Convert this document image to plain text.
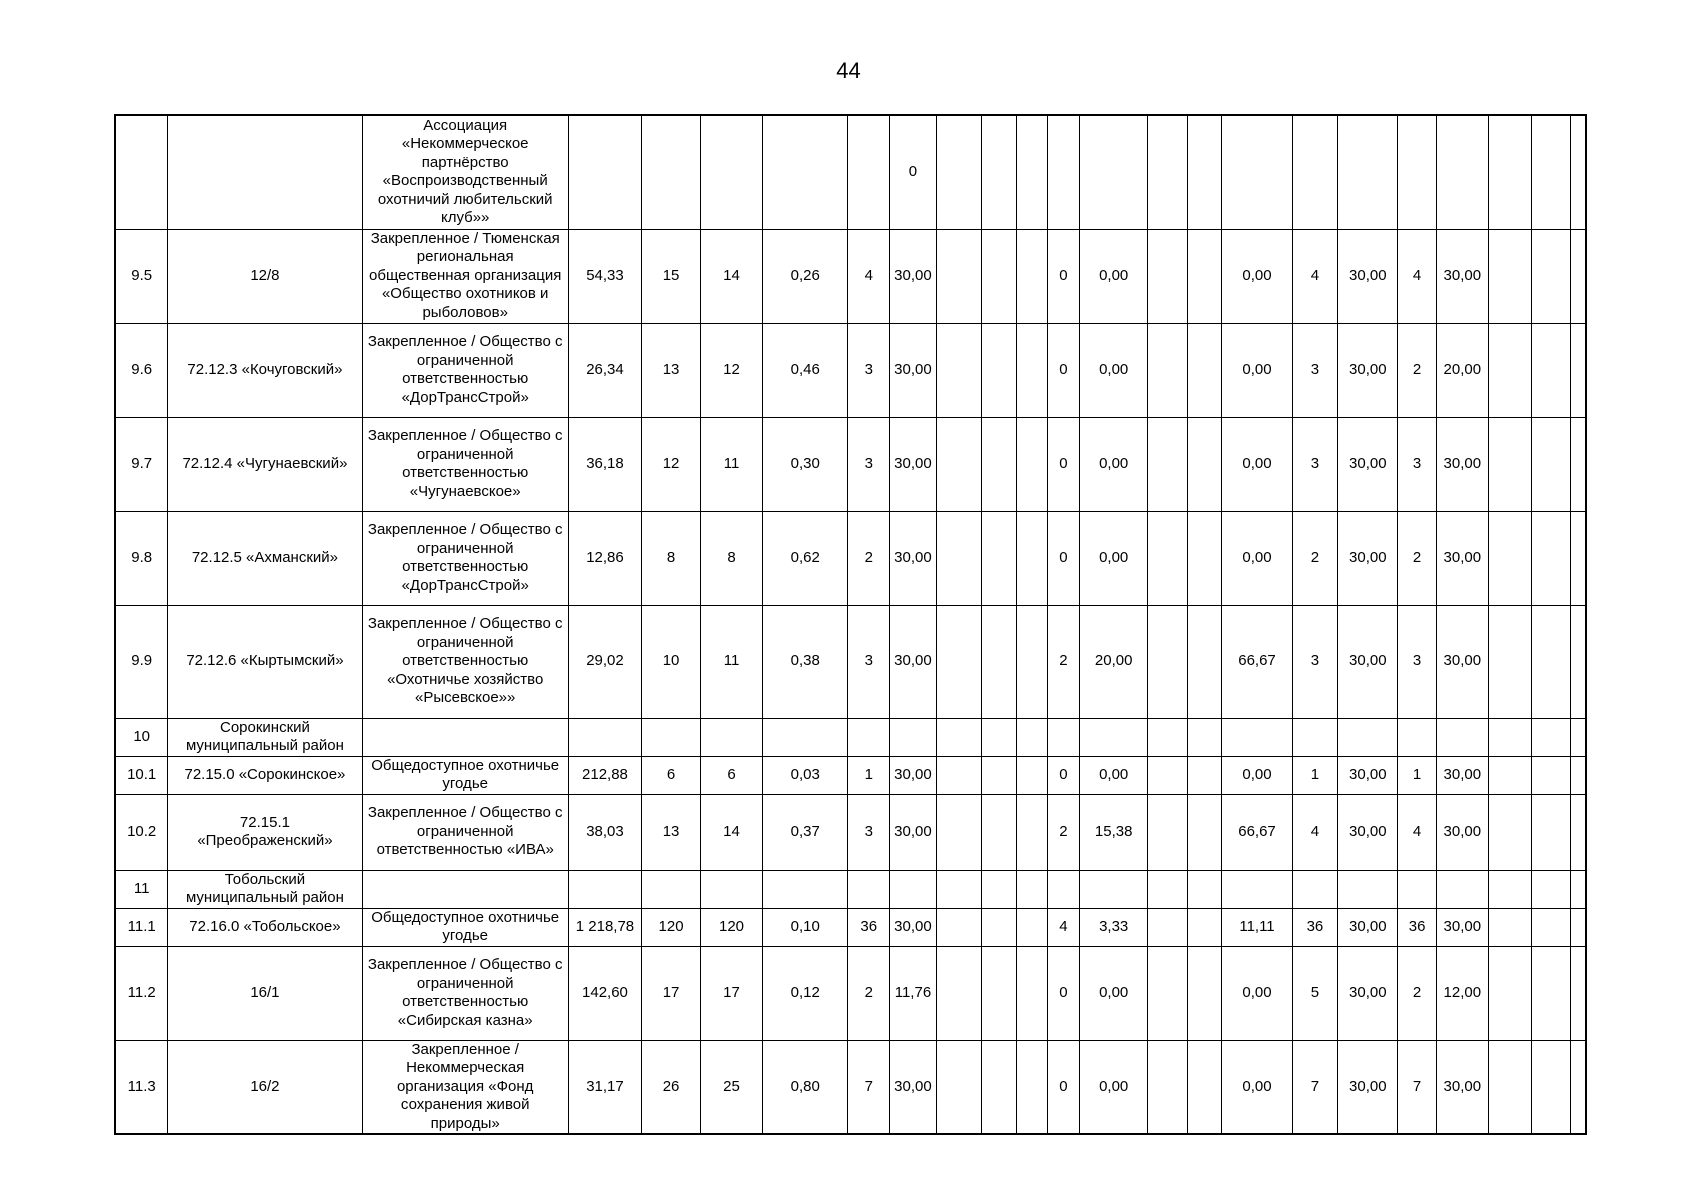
44
		Ассоциация «Некоммерческое партнёрство «Воспроизводственный охотничий любительский клуб»»						0															
9.5	12/8	Закрепленное / Тюменская региональная общественная организация «Общество охотников и рыболовов»	54,33	15	14	0,26	4	30,00				0	0,00			0,00	4	30,00	4	30,00			
9.6	72.12.3 «Кочуговский»	Закрепленное / Общество с ограниченной ответственностью «ДорТрансСтрой»	26,34	13	12	0,46	3	30,00				0	0,00			0,00	3	30,00	2	20,00			
9.7	72.12.4 «Чугунаевский»	Закрепленное / Общество с ограниченной ответственностью «Чугунаевское»	36,18	12	11	0,30	3	30,00				0	0,00			0,00	3	30,00	3	30,00			
9.8	72.12.5 «Ахманский»	Закрепленное / Общество с ограниченной ответственностью «ДорТрансСтрой»	12,86	8	8	0,62	2	30,00				0	0,00			0,00	2	30,00	2	30,00			
9.9	72.12.6 «Кыртымский»	Закрепленное / Общество с ограниченной ответственностью «Охотничье хозяйство «Рысевское»»	29,02	10	11	0,38	3	30,00				2	20,00			66,67	3	30,00	3	30,00			
10	Сорокинский муниципальный район																						
10.1	72.15.0 «Сорокинское»	Общедоступное охотничье угодье	212,88	6	6	0,03	1	30,00				0	0,00			0,00	1	30,00	1	30,00			
10.2	72.15.1 «Преображенский»	Закрепленное / Общество с ограниченной ответственностью «ИВА»	38,03	13	14	0,37	3	30,00				2	15,38			66,67	4	30,00	4	30,00			
11	Тобольский муниципальный район																						
11.1	72.16.0 «Тобольское»	Общедоступное охотничье угодье	1 218,78	120	120	0,10	36	30,00				4	3,33			11,11	36	30,00	36	30,00			
11.2	16/1	Закрепленное / Общество с ограниченной ответственностью «Сибирская казна»	142,60	17	17	0,12	2	11,76				0	0,00			0,00	5	30,00	2	12,00			
11.3	16/2	Закрепленное / Некоммерческая организация «Фонд сохранения живой природы»	31,17	26	25	0,80	7	30,00				0	0,00			0,00	7	30,00	7	30,00			
